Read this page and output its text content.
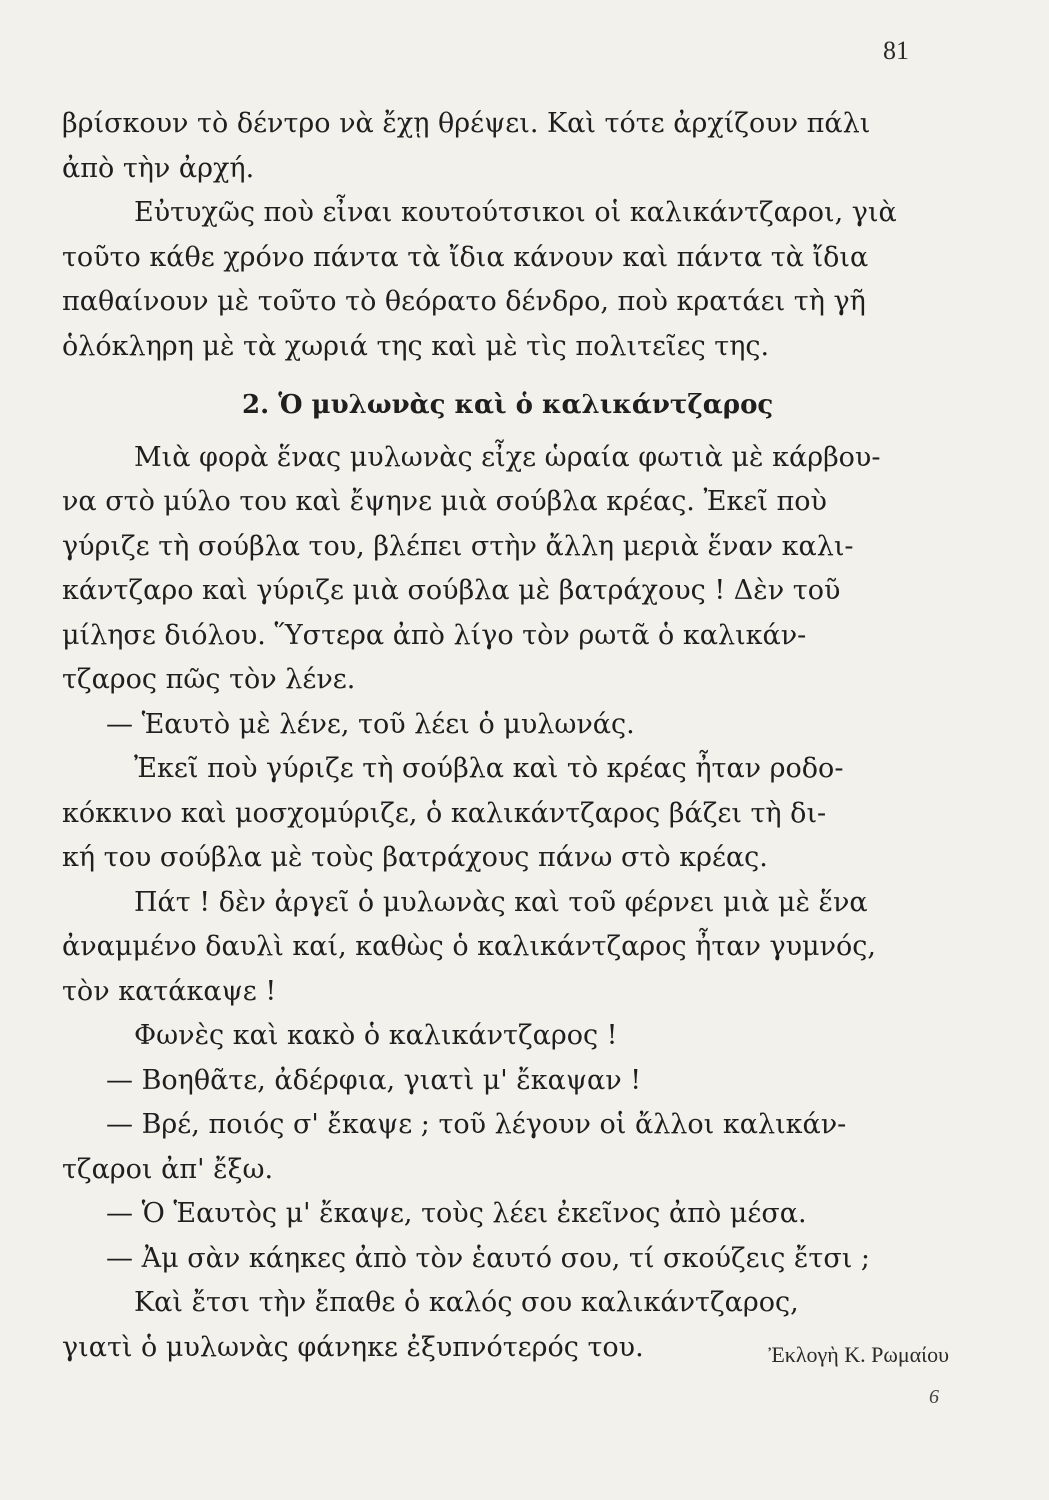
81
βρίσκουν τὸ δέντρο νὰ ἔχῃ θρέψει. Καὶ τότε ἀρχίζουν πάλι
ἀπὸ τὴν ἀρχή.
Εὐτυχῶς ποὺ εἶναι κουτούτσικοι οἱ καλικάντζαροι, γιὰ
τοῦτο κάθε χρόνο πάντα τὰ ἴδια κάνουν καὶ πάντα τὰ ἴδια
παθαίνουν μὲ τοῦτο τὸ θεόρατο δένδρο, ποὺ κρατάει τὴ γῆ
ὁλόκληρη μὲ τὰ χωριά της καὶ μὲ τὶς πολιτεῖες της.
2. Ὁ μυλωνὰς καὶ ὁ καλικάντζαρος
Μιὰ φορὰ ἕνας μυλωνὰς εἶχε ὡραία φωτιὰ μὲ κάρβου-
να στὸ μύλο του καὶ ἔψηνε μιὰ σούβλα κρέας. Ἐκεῖ ποὺ
γύριζε τὴ σούβλα του, βλέπει στὴν ἄλλη μεριὰ ἕναν καλι-
κάντζαρο καὶ γύριζε μιὰ σούβλα μὲ βατράχους ! Δὲν τοῦ
μίλησε διόλου. Ὕστερα ἀπὸ λίγο τὸν ρωτᾶ ὁ καλικάν-
τζαρος πῶς τὸν λένε.
— Ἑαυτὸ μὲ λένε, τοῦ λέει ὁ μυλωνάς.
Ἐκεῖ ποὺ γύριζε τὴ σούβλα καὶ τὸ κρέας ἦταν ροδο-
κόκκινο καὶ μοσχομύριζε, ὁ καλικάντζαρος βάζει τὴ δι-
κή του σούβλα μὲ τοὺς βατράχους πάνω στὸ κρέας.
Πάτ ! δὲν ἀργεῖ ὁ μυλωνὰς καὶ τοῦ φέρνει μιὰ μὲ ἕνα
ἀναμμένο δαυλὶ καί, καθὼς ὁ καλικάντζαρος ἦταν γυμνός,
τὸν κατάκαψε !
Φωνὲς καὶ κακὸ ὁ καλικάντζαρος !
— Βοηθᾶτε, ἀδέρφια, γιατὶ μ' ἔκαψαν !
— Βρέ, ποιός σ' ἔκαψε ; τοῦ λέγουν οἱ ἄλλοι καλικάν-
τζαροι ἀπ' ἔξω.
— Ὁ Ἑαυτὸς μ' ἔκαψε, τοὺς λέει ἐκεῖνος ἀπὸ μέσα.
— Ἀμ σὰν κάηκες ἀπὸ τὸν ἑαυτό σου, τί σκούζεις ἔτσι ;
Καὶ ἔτσι τὴν ἔπαθε ὁ καλός σου καλικάντζαρος,
γιατὶ ὁ μυλωνὰς φάνηκε ἐξυπνότερός του.	Ἐκλογὴ Κ. Ρωμαίου
6
